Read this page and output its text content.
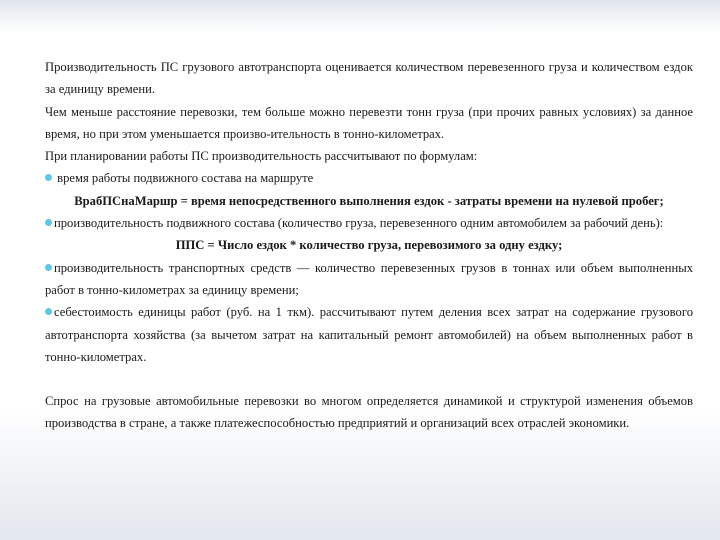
Производительность ПС грузового автотранспорта оценивается количеством перевезенного груза и количеством ездок за единицу времени.

Чем меньше расстояние перевозки, тем больше можно перевезти тонн груза (при прочих равных условиях) за данное время, но при этом уменьшается произво-ительность в тонно-километрах.

При планировании работы ПС производительность рассчитывают по формулам:

время работы подвижного состава на маршруте

ВрабПСнаМаршр = время непосредственного выполнения ездок - затраты времени на нулевой пробег;

производительность подвижного состава (количество груза, перевезенного одним автомобилем за рабочий день):

ППС = Число ездок * количество груза, перевозимого за одну ездку;

производительность транспортных средств — количество перевезенных грузов в тоннах или объем выполненных работ в тонно-километрах за единицу времени;

себестоимость единицы работ (руб. на 1 ткм). рассчитывают путем деления всех затрат на содержание грузового автотранспорта хозяйства (за вычетом затрат на капитальный ремонт автомобилей) на объем выполненных работ в тонно-километрах.

Спрос на грузовые автомобильные перевозки во многом определяется динамикой и структурой изменения объемов производства в стране, а также платежеспособностью предприятий и организаций всех отраслей экономики.
